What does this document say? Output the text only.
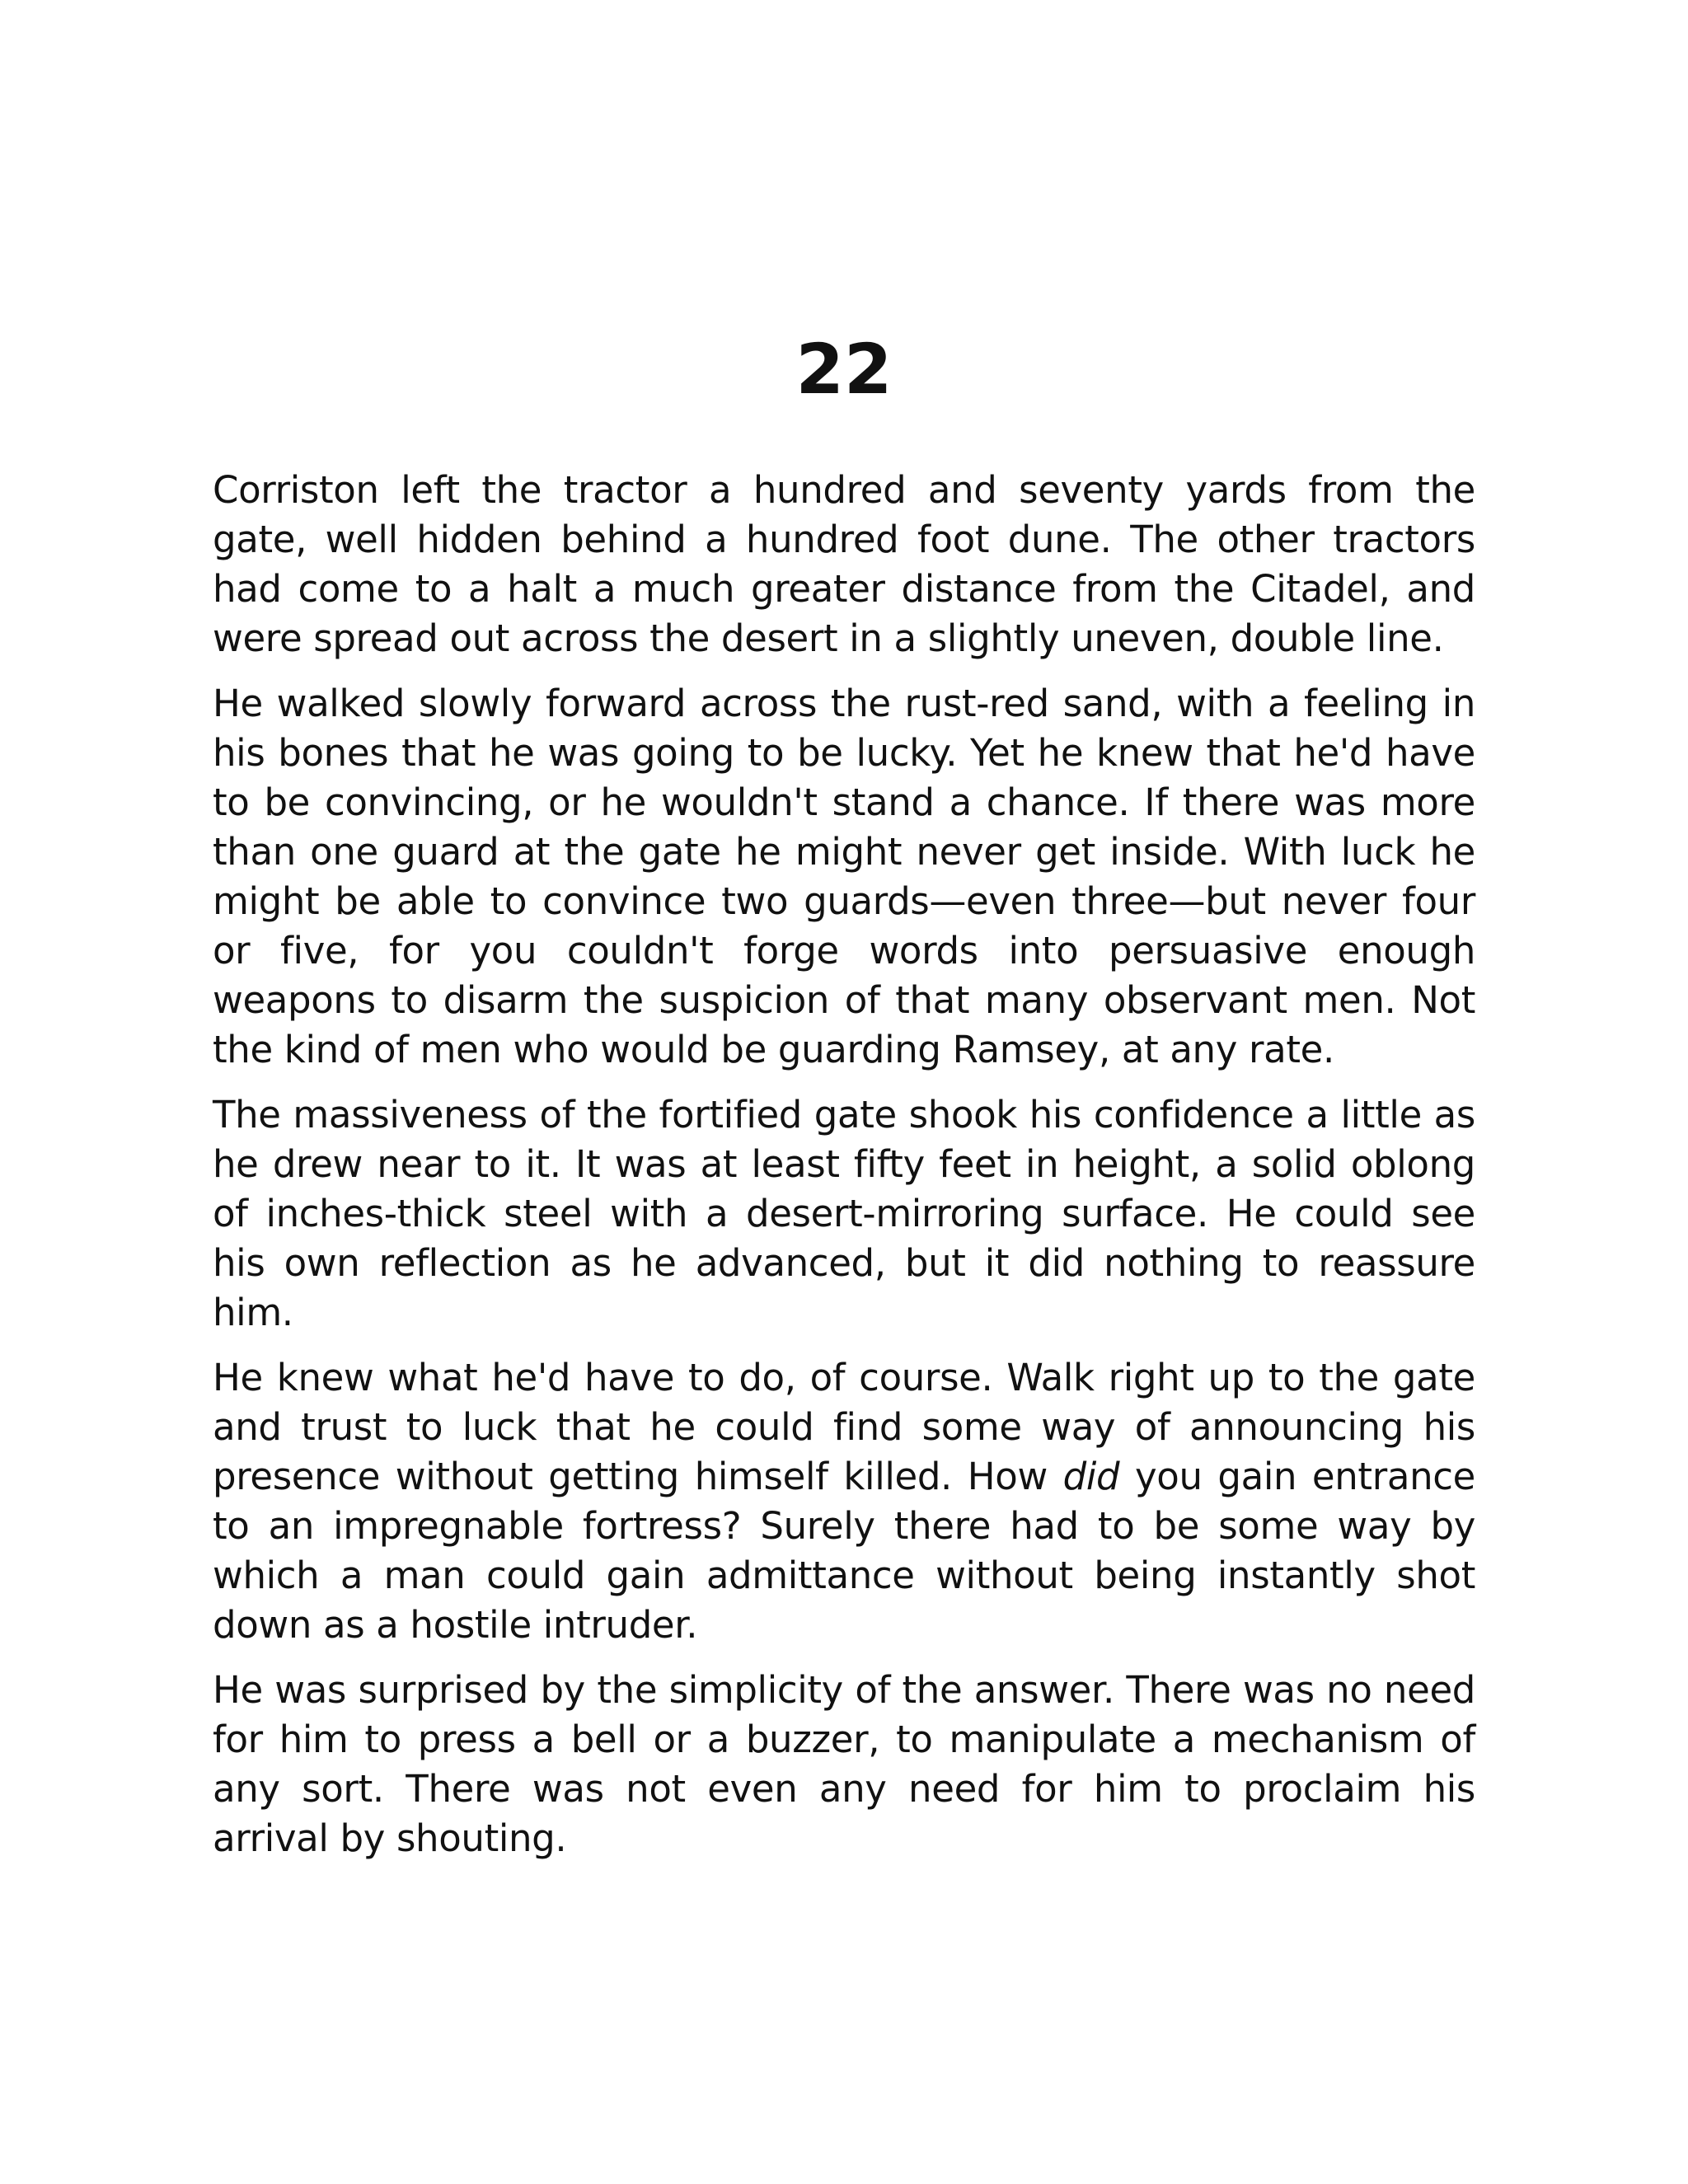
22

Corriston left the tractor a hundred and seventy yards from the gate, well hidden behind a hundred foot dune. The other tractors had come to a halt a much greater distance from the Citadel, and were spread out across the desert in a slightly uneven, double line.

He walked slowly forward across the rust-red sand, with a feeling in his bones that he was going to be lucky. Yet he knew that he'd have to be convincing, or he wouldn't stand a chance. If there was more than one guard at the gate he might never get inside. With luck he might be able to convince two guards—even three—but never four or five, for you couldn't forge words into persuasive enough weapons to disarm the suspicion of that many observant men. Not the kind of men who would be guarding Ramsey, at any rate.

The massiveness of the fortified gate shook his confidence a little as he drew near to it. It was at least fifty feet in height, a solid oblong of inches-thick steel with a desert-mirroring surface. He could see his own reflection as he advanced, but it did nothing to reassure him.

He knew what he'd have to do, of course. Walk right up to the gate and trust to luck that he could find some way of announcing his presence without getting himself killed. How did you gain entrance to an impregnable fortress? Surely there had to be some way by which a man could gain admittance without being instantly shot down as a hostile intruder.

He was surprised by the simplicity of the answer. There was no need for him to press a bell or a buzzer, to manipulate a mechanism of any sort. There was not even any need for him to proclaim his arrival by shouting.
